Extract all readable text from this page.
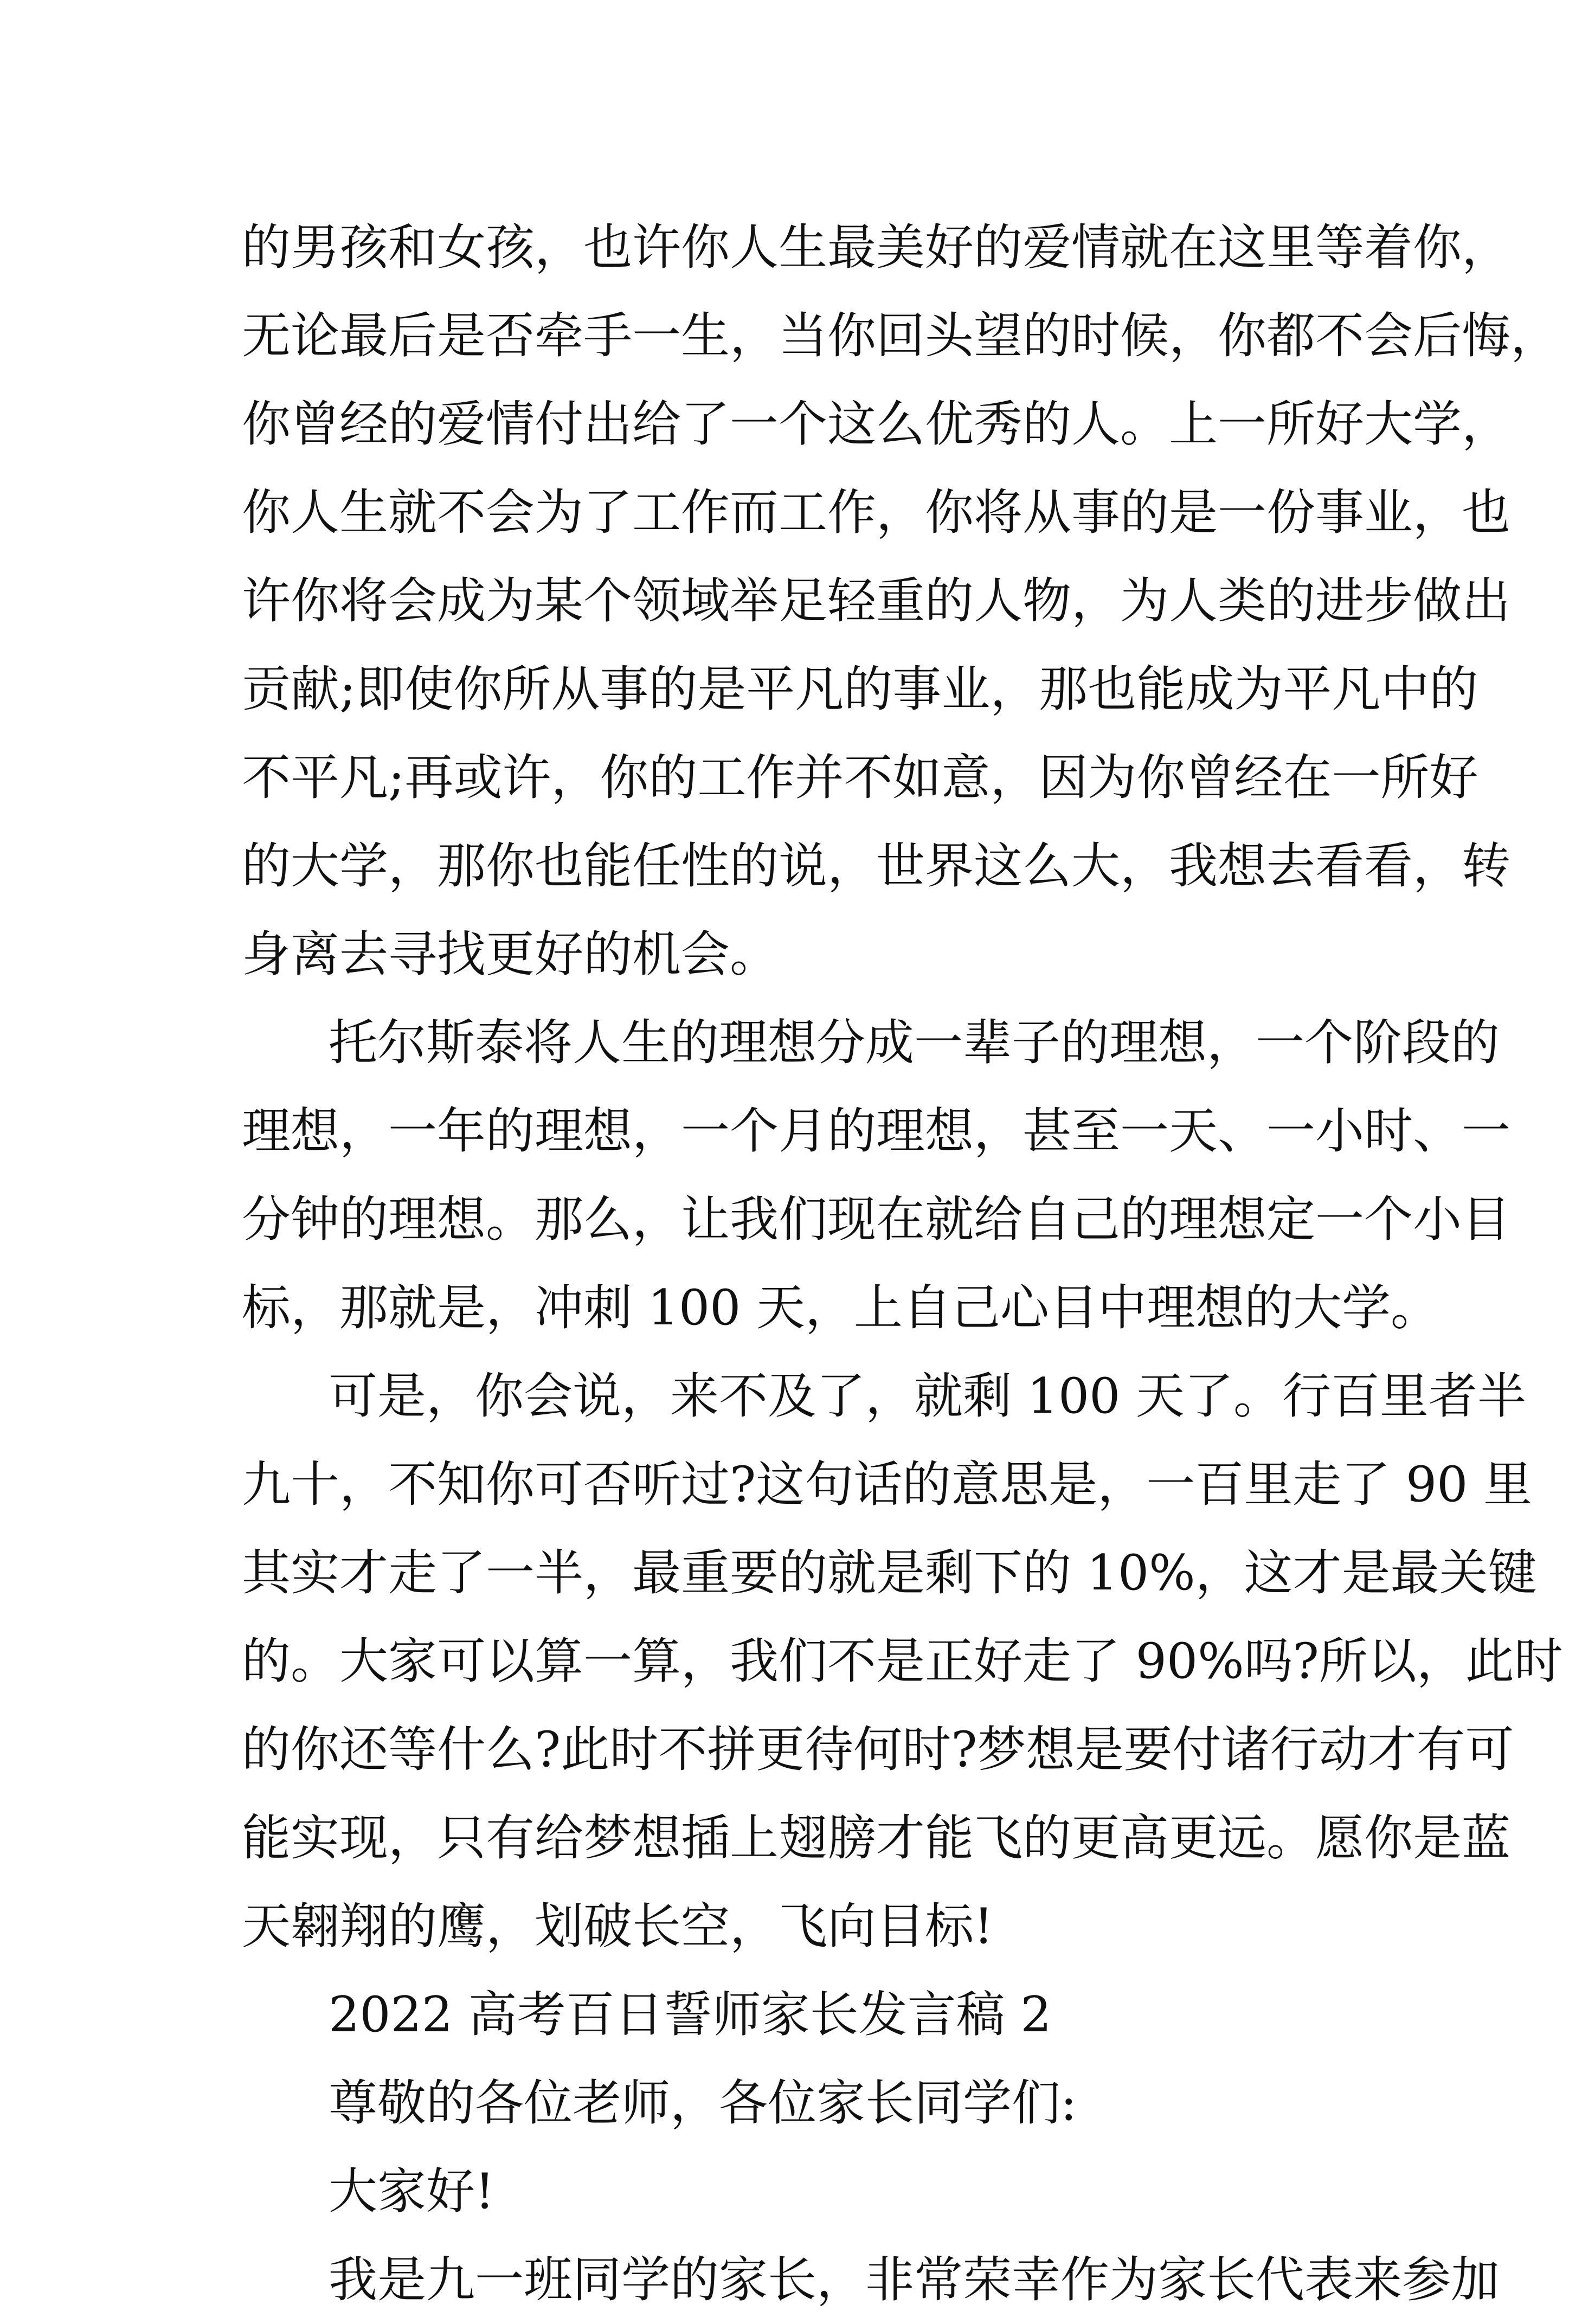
的男孩和女孩，也许你人生最美好的爱情就在这里等着你，
无论最后是否牵手一生，当你回头望的时候，你都不会后悔，
你曾经的爱情付出给了一个这么优秀的人。上一所好大学，
你人生就不会为了工作而工作，你将从事的是一份事业，也
许你将会成为某个领域举足轻重的人物，为人类的进步做出
贡献;即使你所从事的是平凡的事业，那也能成为平凡中的
不平凡;再或许，你的工作并不如意，因为你曾经在一所好
的大学，那你也能任性的说，世界这么大，我想去看看，转
身离去寻找更好的机会。
托尔斯泰将人生的理想分成一辈子的理想，一个阶段的
理想，一年的理想，一个月的理想，甚至一天、一小时、一
分钟的理想。那么，让我们现在就给自己的理想定一个小目
标，那就是，冲刺 100 天，上自己心目中理想的大学。
可是，你会说，来不及了，就剩 100 天了。行百里者半
九十，不知你可否听过?这句话的意思是，一百里走了 90 里
其实才走了一半，最重要的就是剩下的 10%，这才是最关键
的。大家可以算一算，我们不是正好走了 90%吗?所以，此时
的你还等什么?此时不拼更待何时?梦想是要付诸行动才有可
能实现，只有给梦想插上翅膀才能飞的更高更远。愿你是蓝
天翱翔的鹰，划破长空，飞向目标!
2022 高考百日誓师家长发言稿 2
尊敬的各位老师，各位家长同学们:
大家好!
我是九一班同学的家长，非常荣幸作为家长代表来参加
